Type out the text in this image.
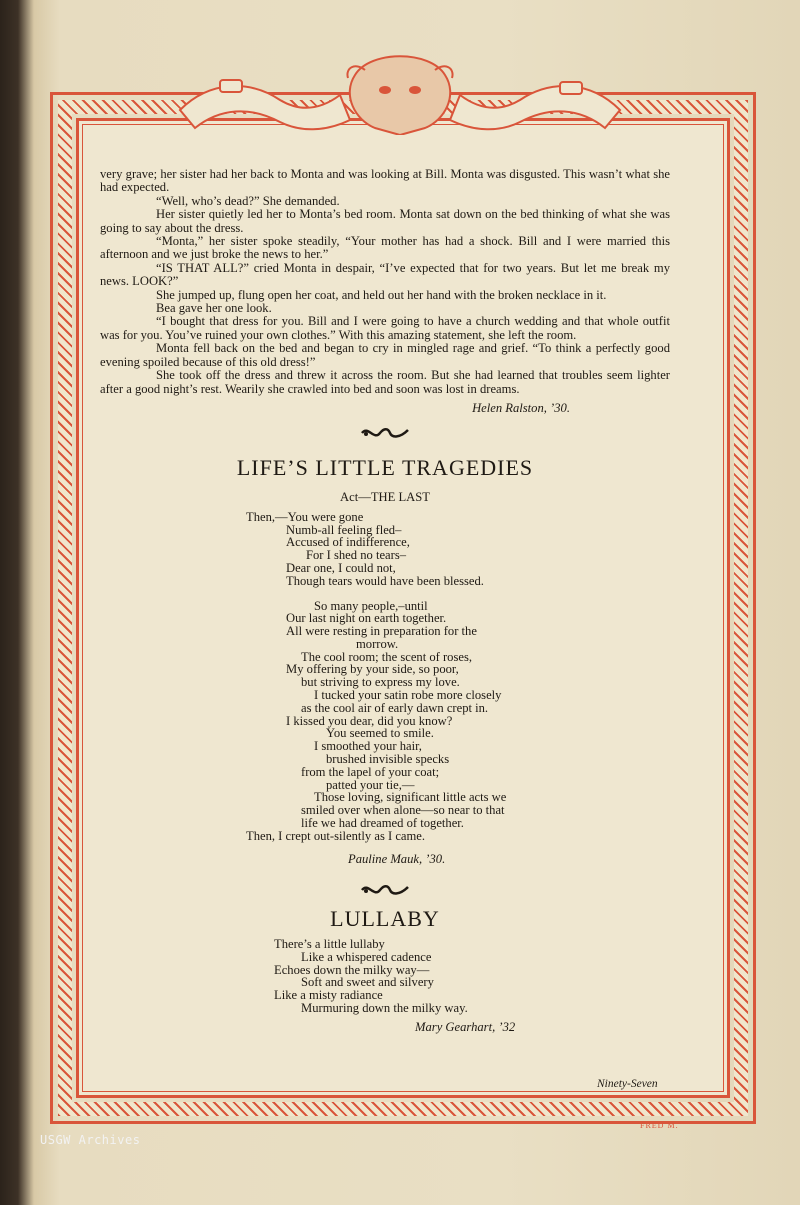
very grave; her sister had her back to Monta and was looking at Bill. Monta was disgusted. This wasn’t what she had expected.

“Well, who’s dead?” She demanded.

Her sister quietly led her to Monta’s bed room. Monta sat down on the bed thinking of what she was going to say about the dress.

“Monta,” her sister spoke steadily, “Your mother has had a shock. Bill and I were married this afternoon and we just broke the news to her.”

“IS THAT ALL?” cried Monta in despair, “I’ve expected that for two years. But let me break my news. LOOK?”

She jumped up, flung open her coat, and held out her hand with the broken necklace in it.

Bea gave her one look.

“I bought that dress for you. Bill and I were going to have a church wedding and that whole outfit was for you. You’ve ruined your own clothes.” With this amazing statement, she left the room.

Monta fell back on the bed and began to cry in mingled rage and grief. “To think a perfectly good evening spoiled because of this old dress!”

She took off the dress and threw it across the room. But she had learned that troubles seem lighter after a good night’s rest. Wearily she crawled into bed and soon was lost in dreams.

Helen Ralston, ’30.
LIFE’S LITTLE TRAGEDIES
Act—THE LAST
Then,—You were gone
Numb-all feeling fled–
Accused of indifference,
For I shed no tears–
Dear one, I could not,
Though tears would have been blessed.
So many people,–until
Our last night on earth together.
All were resting in preparation for the
morrow.
The cool room; the scent of roses,
My offering by your side, so poor,
but striving to express my love.
I tucked your satin robe more closely
as the cool air of early dawn crept in.
I kissed you dear, did you know?
You seemed to smile.
I smoothed your hair,
brushed invisible specks
from the lapel of your coat;
patted your tie,—
Those loving, significant little acts we
smiled over when alone—so near to that
life we had dreamed of together.
Then, I crept out-silently as I came.
Pauline Mauk, ’30.
LULLABY
There’s a little lullaby
Like a whispered cadence
Echoes down the milky way—
Soft and sweet and silvery
Like a misty radiance
Murmuring down the milky way.
Mary Gearhart, ’32
Ninety-Seven
FRED M.
USGW Archives
